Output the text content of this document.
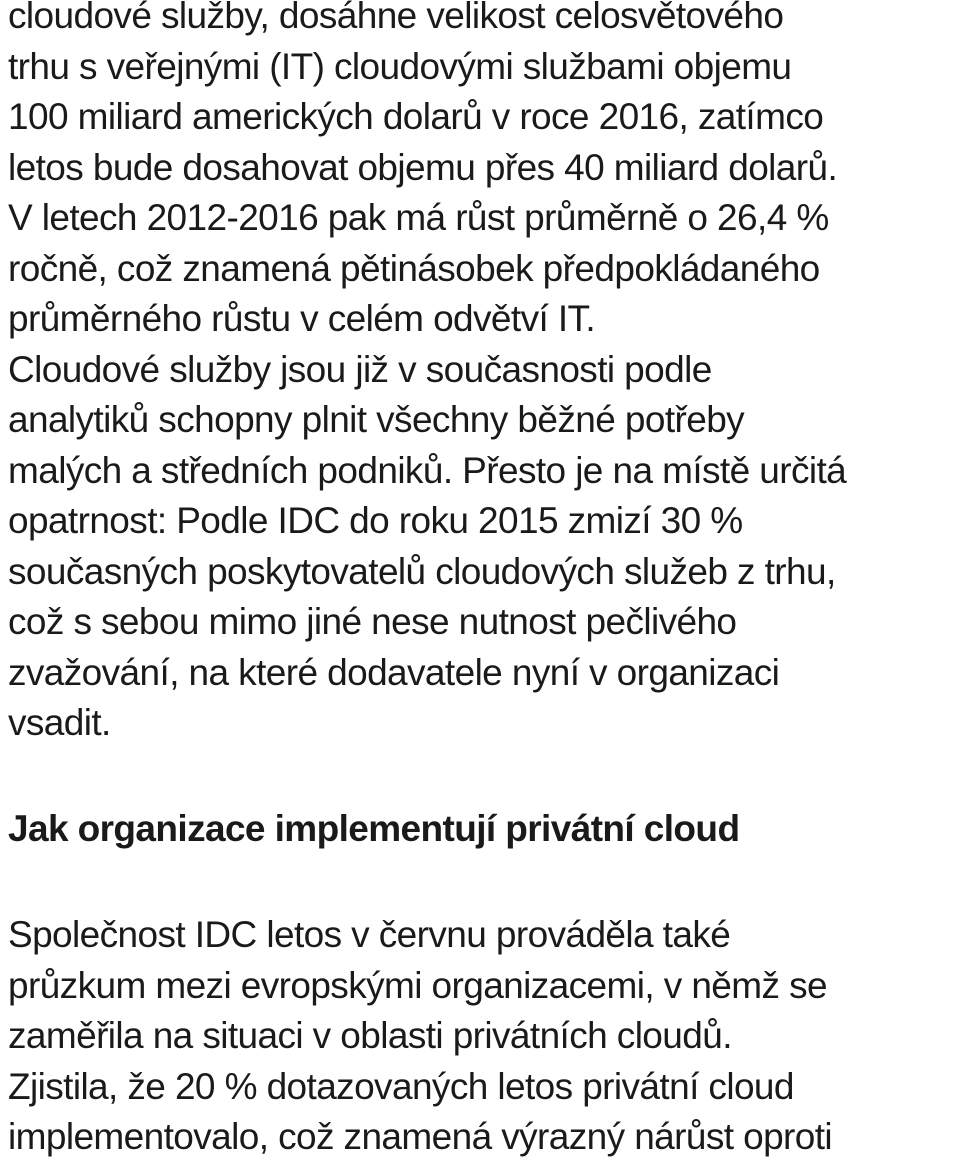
cloudové služby, dosáhne velikost celosvětového
trhu s veřejnými (IT) cloudovými službami objemu
100 miliard amerických dolarů v roce 2016, zatímco
letos bude dosahovat objemu přes 40 miliard dolarů.
V letech 2012-2016 pak má růst průměrně o 26,4 %
ročně, což znamená pětinásobek předpokládaného
průměrného růstu v celém odvětví IT.
Cloudové služby jsou již v současnosti podle
analytiků schopny plnit všechny běžné potřeby
malých a středních podniků. Přesto je na místě určitá
opatrnost: Podle IDC do roku 2015 zmizí 30 %
současných poskytovatelů cloudových služeb z trhu,
což s sebou mimo jiné nese nutnost pečlivého
zvažování, na které dodavatele nyní v organizaci
vsadit.
Jak organizace implementují privátní cloud
Společnost IDC letos v červnu prováděla také
průzkum mezi evropskými organizacemi, v němž se
zaměřila na situaci v oblasti privátních cloudů.
Zjistila, že 20 % dotazovaných letos privátní cloud
implementovalo, což znamená výrazný nárůst oproti
